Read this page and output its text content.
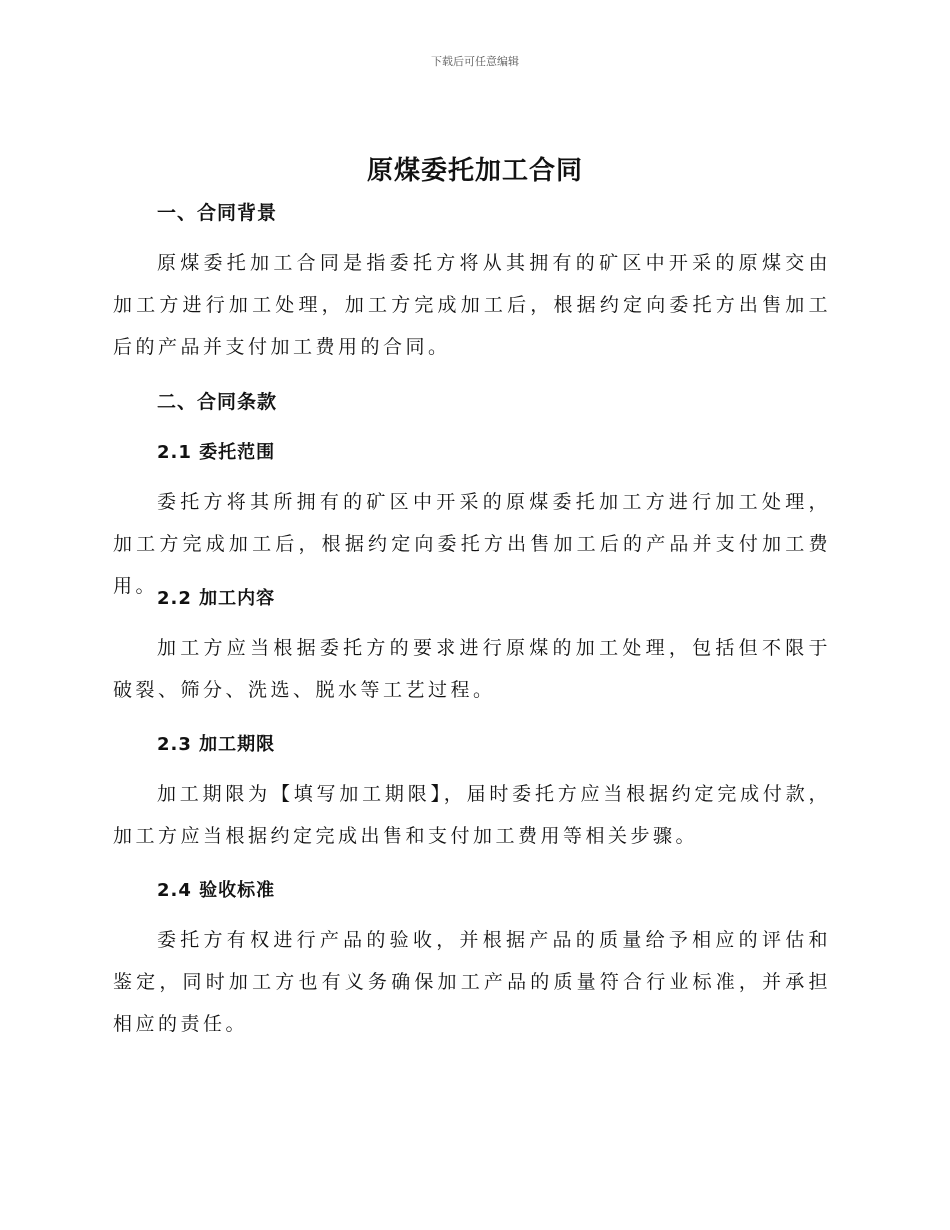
下载后可任意编辑
原煤委托加工合同
一、合同背景

原煤委托加工合同是指委托方将从其拥有的矿区中开采的原煤交由加工方进行加工处理，加工方完成加工后，根据约定向委托方出售加工后的产品并支付加工费用的合同。

二、合同条款
2.1 委托范围

委托方将其所拥有的矿区中开采的原煤委托加工方进行加工处理，加工方完成加工后，根据约定向委托方出售加工后的产品并支付加工费用。

2.2 加工内容

加工方应当根据委托方的要求进行原煤的加工处理，包括但不限于破裂、筛分、洗选、脱水等工艺过程。

2.3 加工期限

加工期限为【填写加工期限】，届时委托方应当根据约定完成付款，加工方应当根据约定完成出售和支付加工费用等相关步骤。

2.4 验收标准

委托方有权进行产品的验收，并根据产品的质量给予相应的评估和鉴定，同时加工方也有义务确保加工产品的质量符合行业标准，并承担相应的责任。
